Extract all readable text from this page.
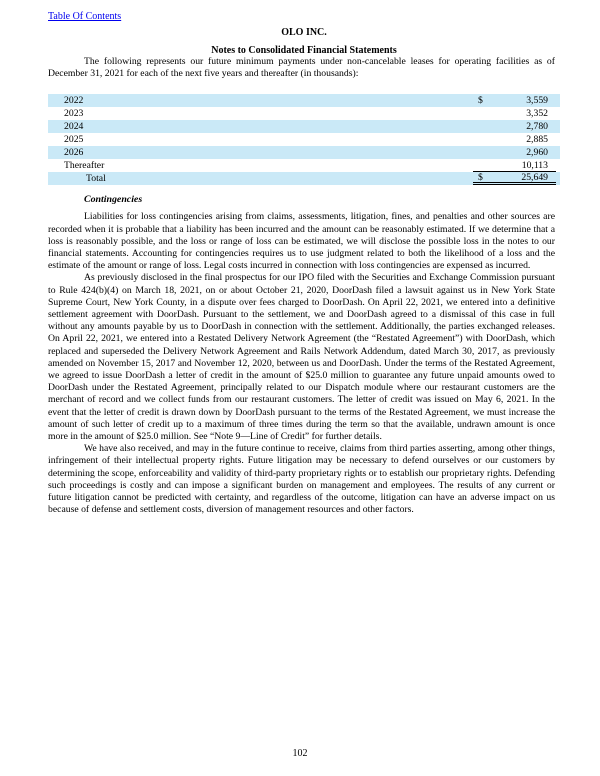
Table Of Contents
OLO INC.
Notes to Consolidated Financial Statements

The following represents our future minimum payments under non-cancelable leases for operating facilities as of December 31, 2021 for each of the next five years and thereafter (in thousands):

2022	$	3,559
2023	3,352
2024	2,780
2025	2,885
2026	2,960
Thereafter	10,113
Total	$	25,649
Contingencies

Liabilities for loss contingencies arising from claims, assessments, litigation, fines, and penalties and other sources are recorded when it is probable that a liability has been incurred and the amount can be reasonably estimated. If we determine that a loss is reasonably possible, and the loss or range of loss can be estimated, we will disclose the possible loss in the notes to our financial statements. Accounting for contingencies requires us to use judgment related to both the likelihood of a loss and the estimate of the amount or range of loss. Legal costs incurred in connection with loss contingencies are expensed as incurred.

As previously disclosed in the final prospectus for our IPO filed with the Securities and Exchange Commission pursuant to Rule 424(b)(4) on March 18, 2021, on or about October 21, 2020, DoorDash filed a lawsuit against us in New York State Supreme Court, New York County, in a dispute over fees charged to DoorDash. On April 22, 2021, we entered into a definitive settlement agreement with DoorDash. Pursuant to the settlement, we and DoorDash agreed to a dismissal of this case in full without any amounts payable by us to DoorDash in connection with the settlement. Additionally, the parties exchanged releases. On April 22, 2021, we entered into a Restated Delivery Network Agreement (the “Restated Agreement”) with DoorDash, which replaced and superseded the Delivery Network Agreement and Rails Network Addendum, dated March 30, 2017, as previously amended on November 15, 2017 and November 12, 2020, between us and DoorDash. Under the terms of the Restated Agreement, we agreed to issue DoorDash a letter of credit in the amount of $25.0 million to guarantee any future unpaid amounts owed to DoorDash under the Restated Agreement, principally related to our Dispatch module where our restaurant customers are the merchant of record and we collect funds from our restaurant customers. The letter of credit was issued on May 6, 2021. In the event that the letter of credit is drawn down by DoorDash pursuant to the terms of the Restated Agreement, we must increase the amount of such letter of credit up to a maximum of three times during the term so that the available, undrawn amount is once more in the amount of $25.0 million. See “Note 9—Line of Credit” for further details.

We have also received, and may in the future continue to receive, claims from third parties asserting, among other things, infringement of their intellectual property rights. Future litigation may be necessary to defend ourselves or our customers by determining the scope, enforceability and validity of third-party proprietary rights or to establish our proprietary rights. Defending such proceedings is costly and can impose a significant burden on management and employees. The results of any current or future litigation cannot be predicted with certainty, and regardless of the outcome, litigation can have an adverse impact on us because of defense and settlement costs, diversion of management resources and other factors.

102
